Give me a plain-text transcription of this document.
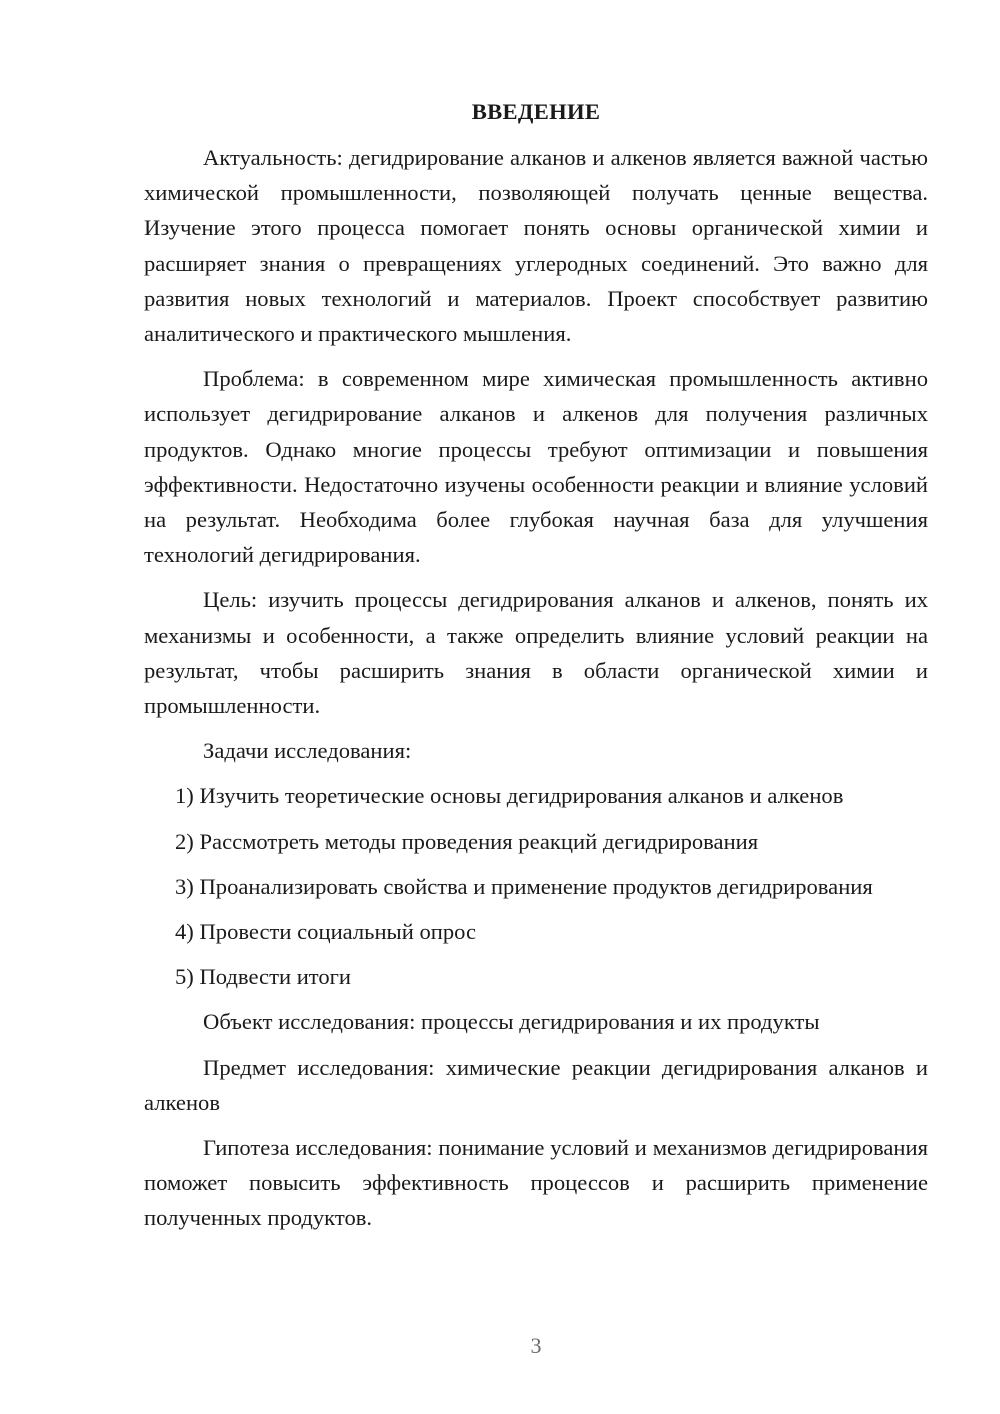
ВВЕДЕНИЕ

Актуальность: дегидрирование алканов и алкенов является важной частью химической промышленности, позволяющей получать ценные вещества. Изучение этого процесса помогает понять основы органической химии и расширяет знания о превращениях углеродных соединений. Это важно для развития новых технологий и материалов. Проект способствует развитию аналитического и практического мышления.

Проблема: в современном мире химическая промышленность активно использует дегидрирование алканов и алкенов для получения различных продуктов. Однако многие процессы требуют оптимизации и повышения эффективности. Недостаточно изучены особенности реакции и влияние условий на результат. Необходима более глубокая научная база для улучшения технологий дегидрирования.

Цель: изучить процессы дегидрирования алканов и алкенов, понять их механизмы и особенности, а также определить влияние условий реакции на результат, чтобы расширить знания в области органической химии и промышленности.

Задачи исследования:

1) Изучить теоретические основы дегидрирования алканов и алкенов

2) Рассмотреть методы проведения реакций дегидрирования

3) Проанализировать свойства и применение продуктов дегидрирования

4) Провести социальный опрос

5) Подвести итоги

Объект исследования: процессы дегидрирования и их продукты

Предмет исследования: химические реакции дегидрирования алканов и алкенов

Гипотеза исследования: понимание условий и механизмов дегидрирования поможет повысить эффективность процессов и расширить применение полученных продуктов.

3
